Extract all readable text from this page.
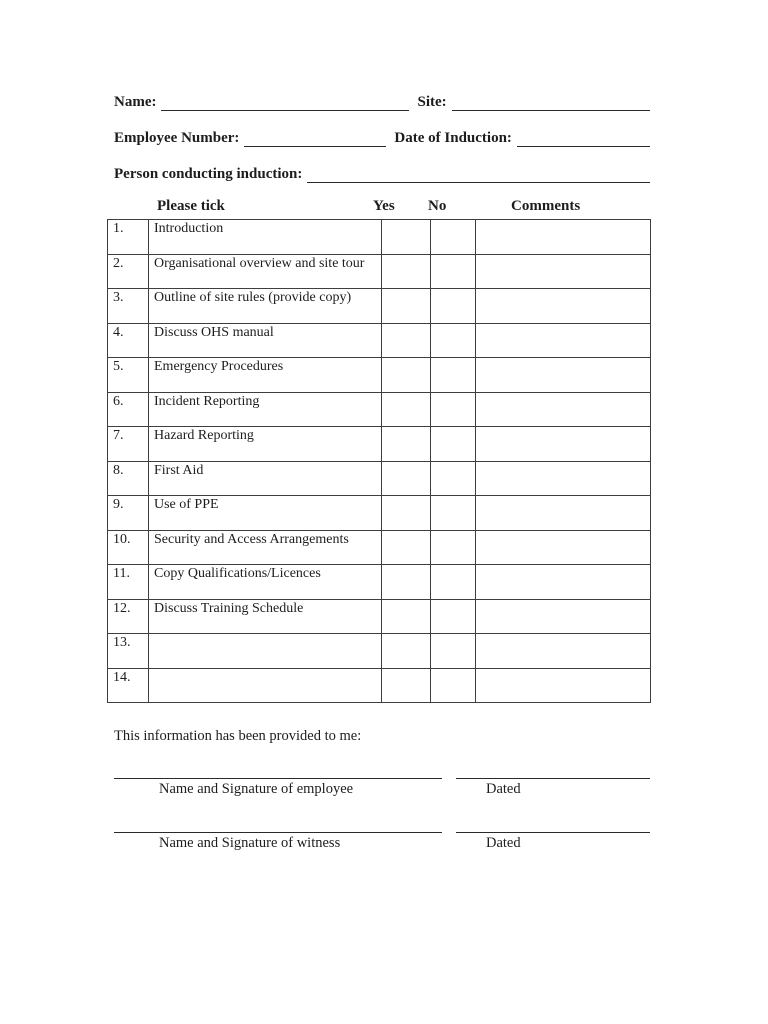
Name:	Site:
Employee Number:	Date of Induction:
Person conducting induction:
Please tick	Yes No	Comments
1.	Introduction			
2.	Organisational overview and site tour			
3.	Outline of site rules (provide copy)			
4.	Discuss OHS manual			
5.	Emergency Procedures			
6.	Incident Reporting			
7.	Hazard Reporting			
8.	First Aid			
9.	Use of PPE			
10.	Security and Access Arrangements			
11.	Copy Qualifications/Licences			
12.	Discuss Training Schedule			
13.				
14.				
This information has been provided to me:
Name and Signature of employee	Dated
Name and Signature of witness	Dated
